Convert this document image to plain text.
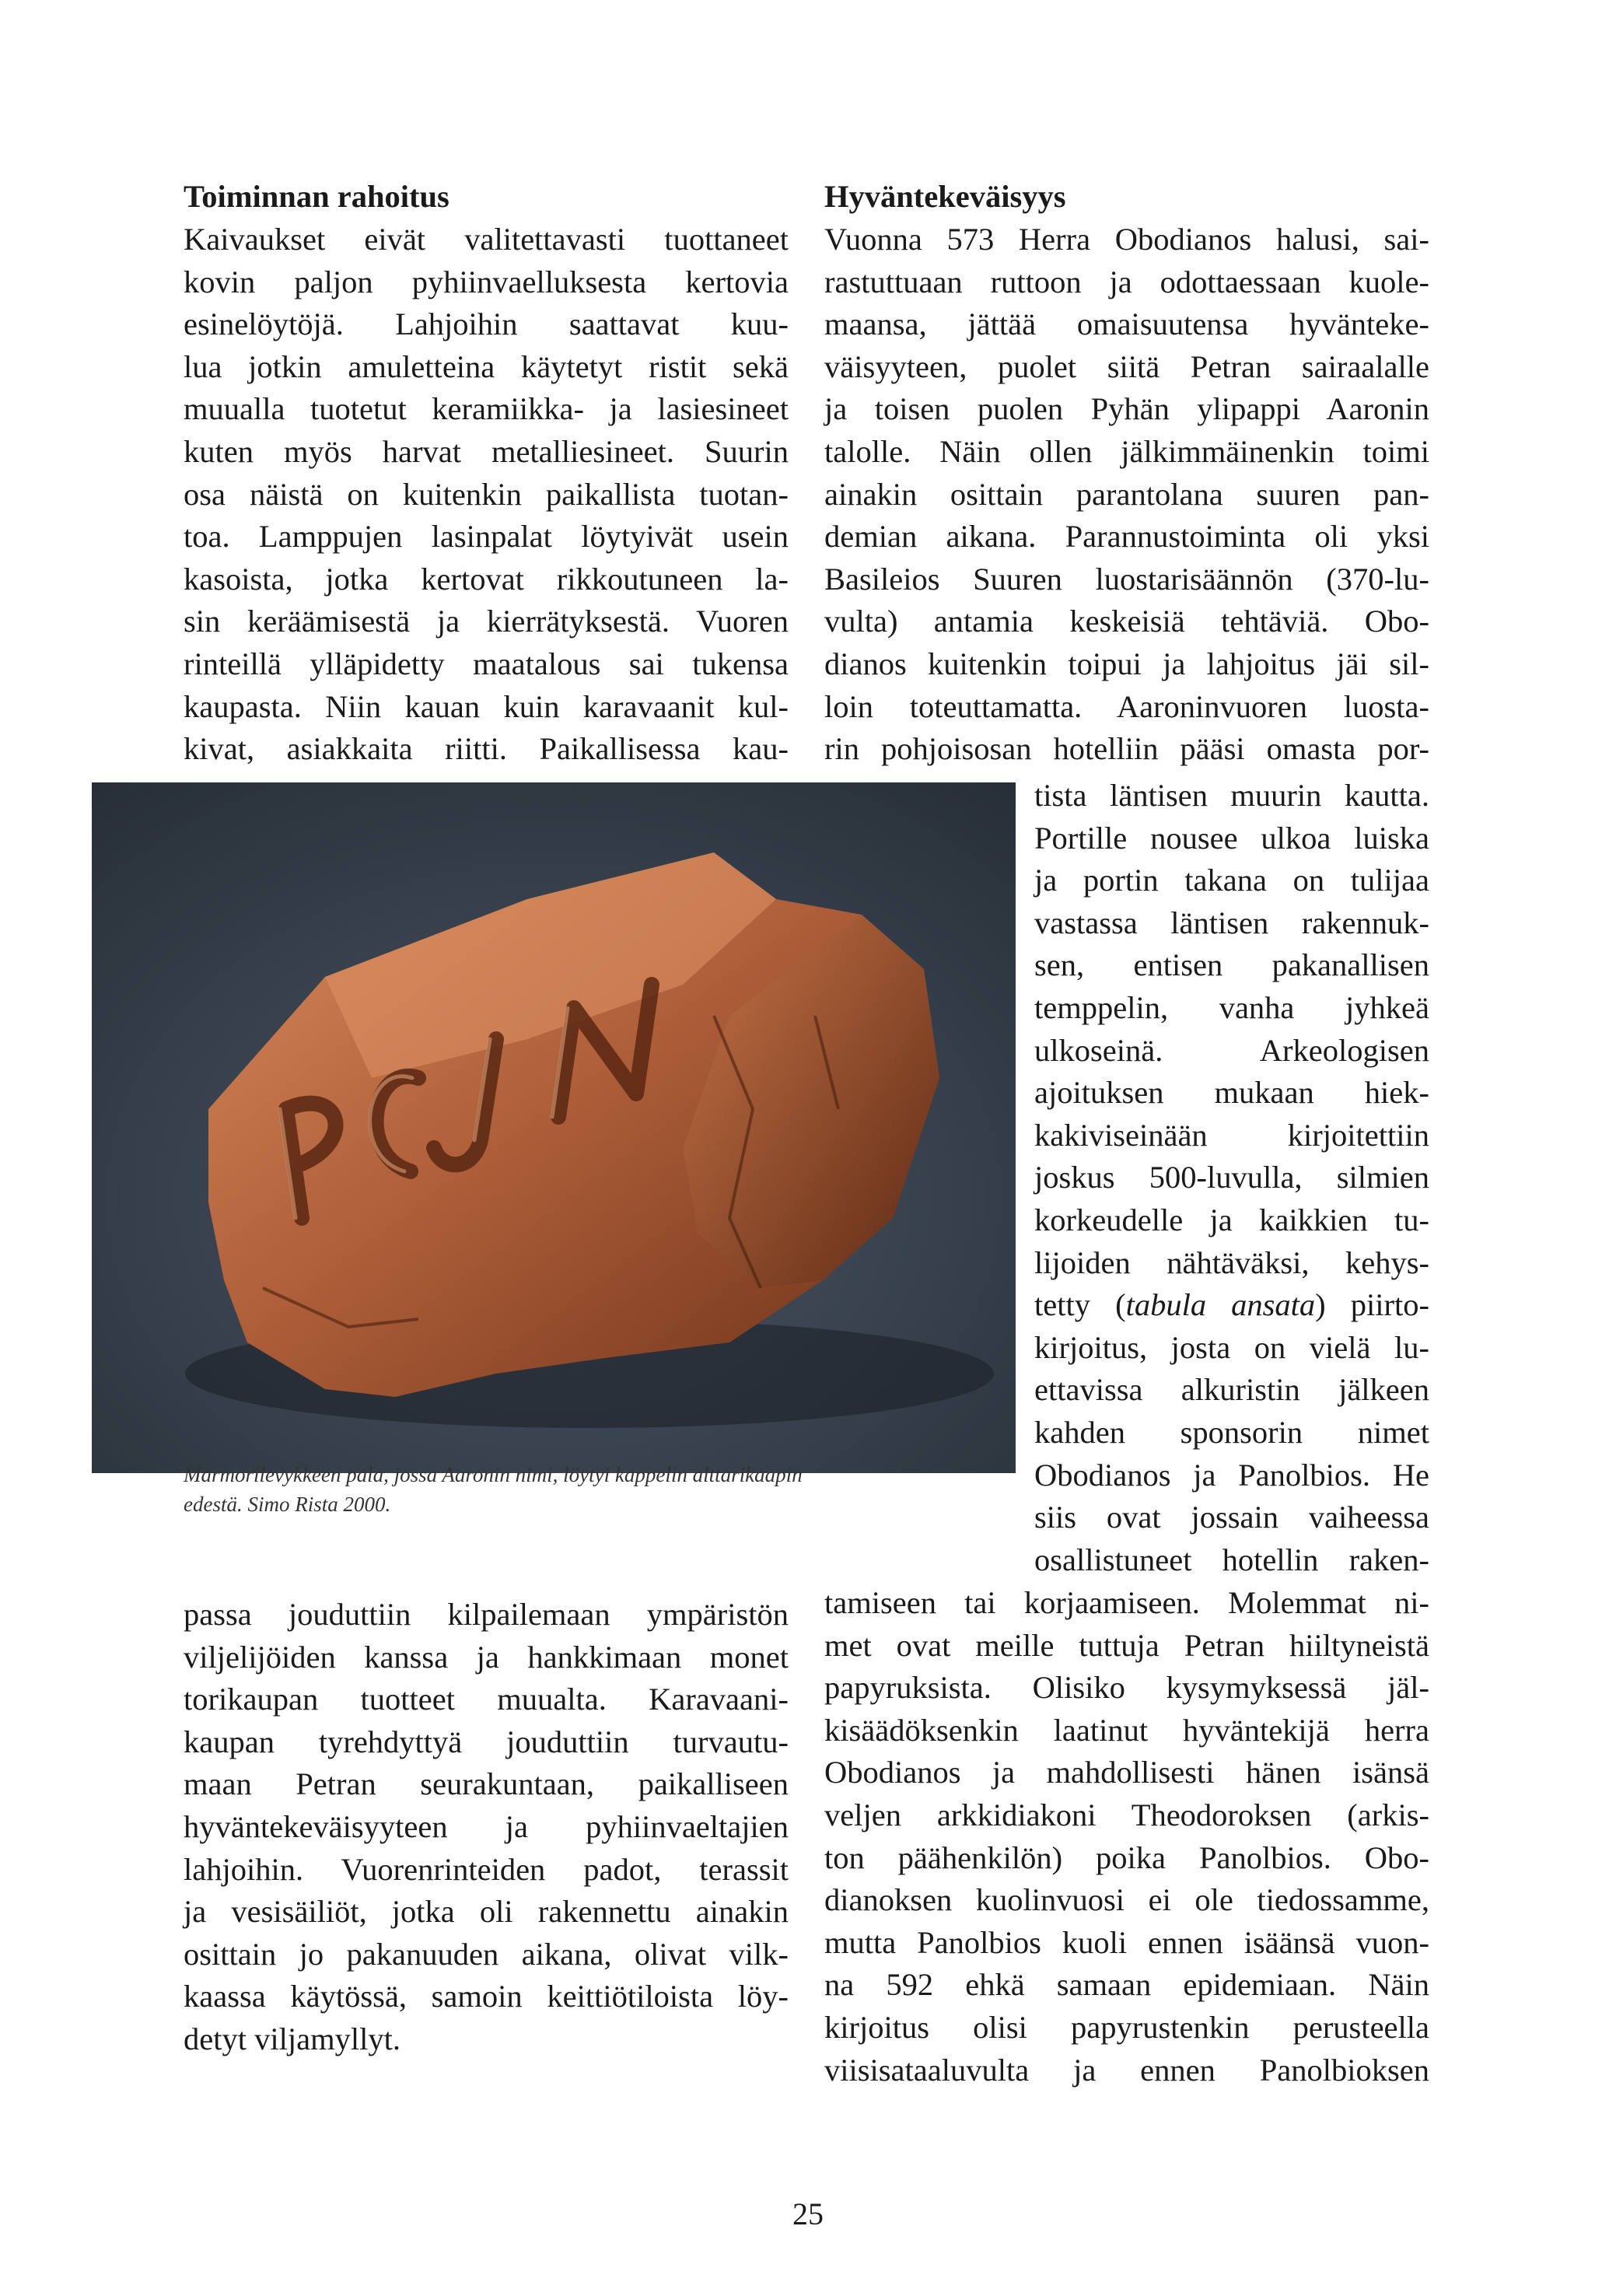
Toiminnan rahoitus
Kaivaukset eivät valitettavasti tuottaneet
kovin paljon pyhiinvaelluksesta kertovia
esinelöytöjä. Lahjoihin saattavat kuu-
lua jotkin amuletteina käytetyt ristit sekä
muualla tuotetut keramiikka- ja lasiesineet
kuten myös harvat metalliesineet. Suurin
osa näistä on kuitenkin paikallista tuotan-
toa. Lamppujen lasinpalat löytyivät usein
kasoista, jotka kertovat rikkoutuneen la-
sin keräämisestä ja kierrätyksestä. Vuoren
rinteillä ylläpidetty maatalous sai tukensa
kaupasta. Niin kauan kuin karavaanit kul-
kivat, asiakkaita riitti. Paikallisessa kau-
passa jouduttiin kilpailemaan ympäristön
viljelijöiden kanssa ja hankkimaan monet
torikaupan tuotteet muualta. Karavaani-
kaupan tyrehdyttyä jouduttiin turvautu-
maan Petran seurakuntaan, paikalliseen
hyväntekeväisyyteen ja pyhiinvaeltajien
lahjoihin. Vuorenrinteiden padot, terassit
ja vesisäiliöt, jotka oli rakennettu ainakin
osittain jo pakanuuden aikana, olivat vilk-
kaassa käytössä, samoin keittiötiloista löy-
detyt viljamyllyt.
Marmorilevykkeen pala, jossa Aaronin nimi, löytyi kappelin alttarikaapin
edestä. Simo Rista 2000.
Hyväntekeväisyys
Vuonna 573 Herra Obodianos halusi, sai-
rastuttuaan ruttoon ja odottaessaan kuole-
maansa, jättää omaisuutensa hyväntekе-
väisyyteen, puolet siitä Petran sairaalalle
ja toisen puolen Pyhän ylipappi Aaronin
talolle. Näin ollen jälkimmäinenkin toimi
ainakin osittain parantolana suuren pan-
demian aikana. Parannustoiminta oli yksi
Basileios Suuren luostarisäännön (370-lu-
vulta) antamia keskeisiä tehtäviä. Obo-
dianos kuitenkin toipui ja lahjoitus jäi sil-
loin toteuttamatta. Aaroninvuoren luosta-
rin pohjoisosan hotelliin pääsi omasta por-
tista läntisen muurin kautta.
Portille nousee ulkoa luiska
ja portin takana on tulijaa
vastassa läntisen rakennuk-
sen, entisen pakanallisen
temppelin, vanha jyhkeä
ulkoseinä. Arkeologisen
ajoituksen mukaan hiek-
kakiviseinään kirjoitettiin
joskus 500-luvulla, silmien
korkeudelle ja kaikkien tu-
lijoiden nähtäväksi, kehys-
tetty (tabula ansata) piirto-
kirjoitus, josta on vielä lu-
ettavissa alkuristin jälkeen
kahden sponsorin nimet
Obodianos ja Panolbios. He
siis ovat jossain vaiheessa
osallistuneet hotellin raken-
tamiseen tai korjaamiseen. Molemmat ni-
met ovat meille tuttuja Petran hiiltyneistä
papyruksista. Olisiko kysymyksessä jäl-
kisäädöksenkin laatinut hyväntekijä herra
Obodianos ja mahdollisesti hänen isänsä
veljen arkkidiakoni Theodoroksen (arkis-
ton päähenkilön) poika Panolbios. Obo-
dianoksen kuolinvuosi ei ole tiedossamme,
mutta Panolbios kuoli ennen isäänsä vuon-
na 592 ehkä samaan epidemiaan. Näin
kirjoitus olisi papyrustenkin perusteella
viisisataaluvulta ja ennen Panolbioksen
25
